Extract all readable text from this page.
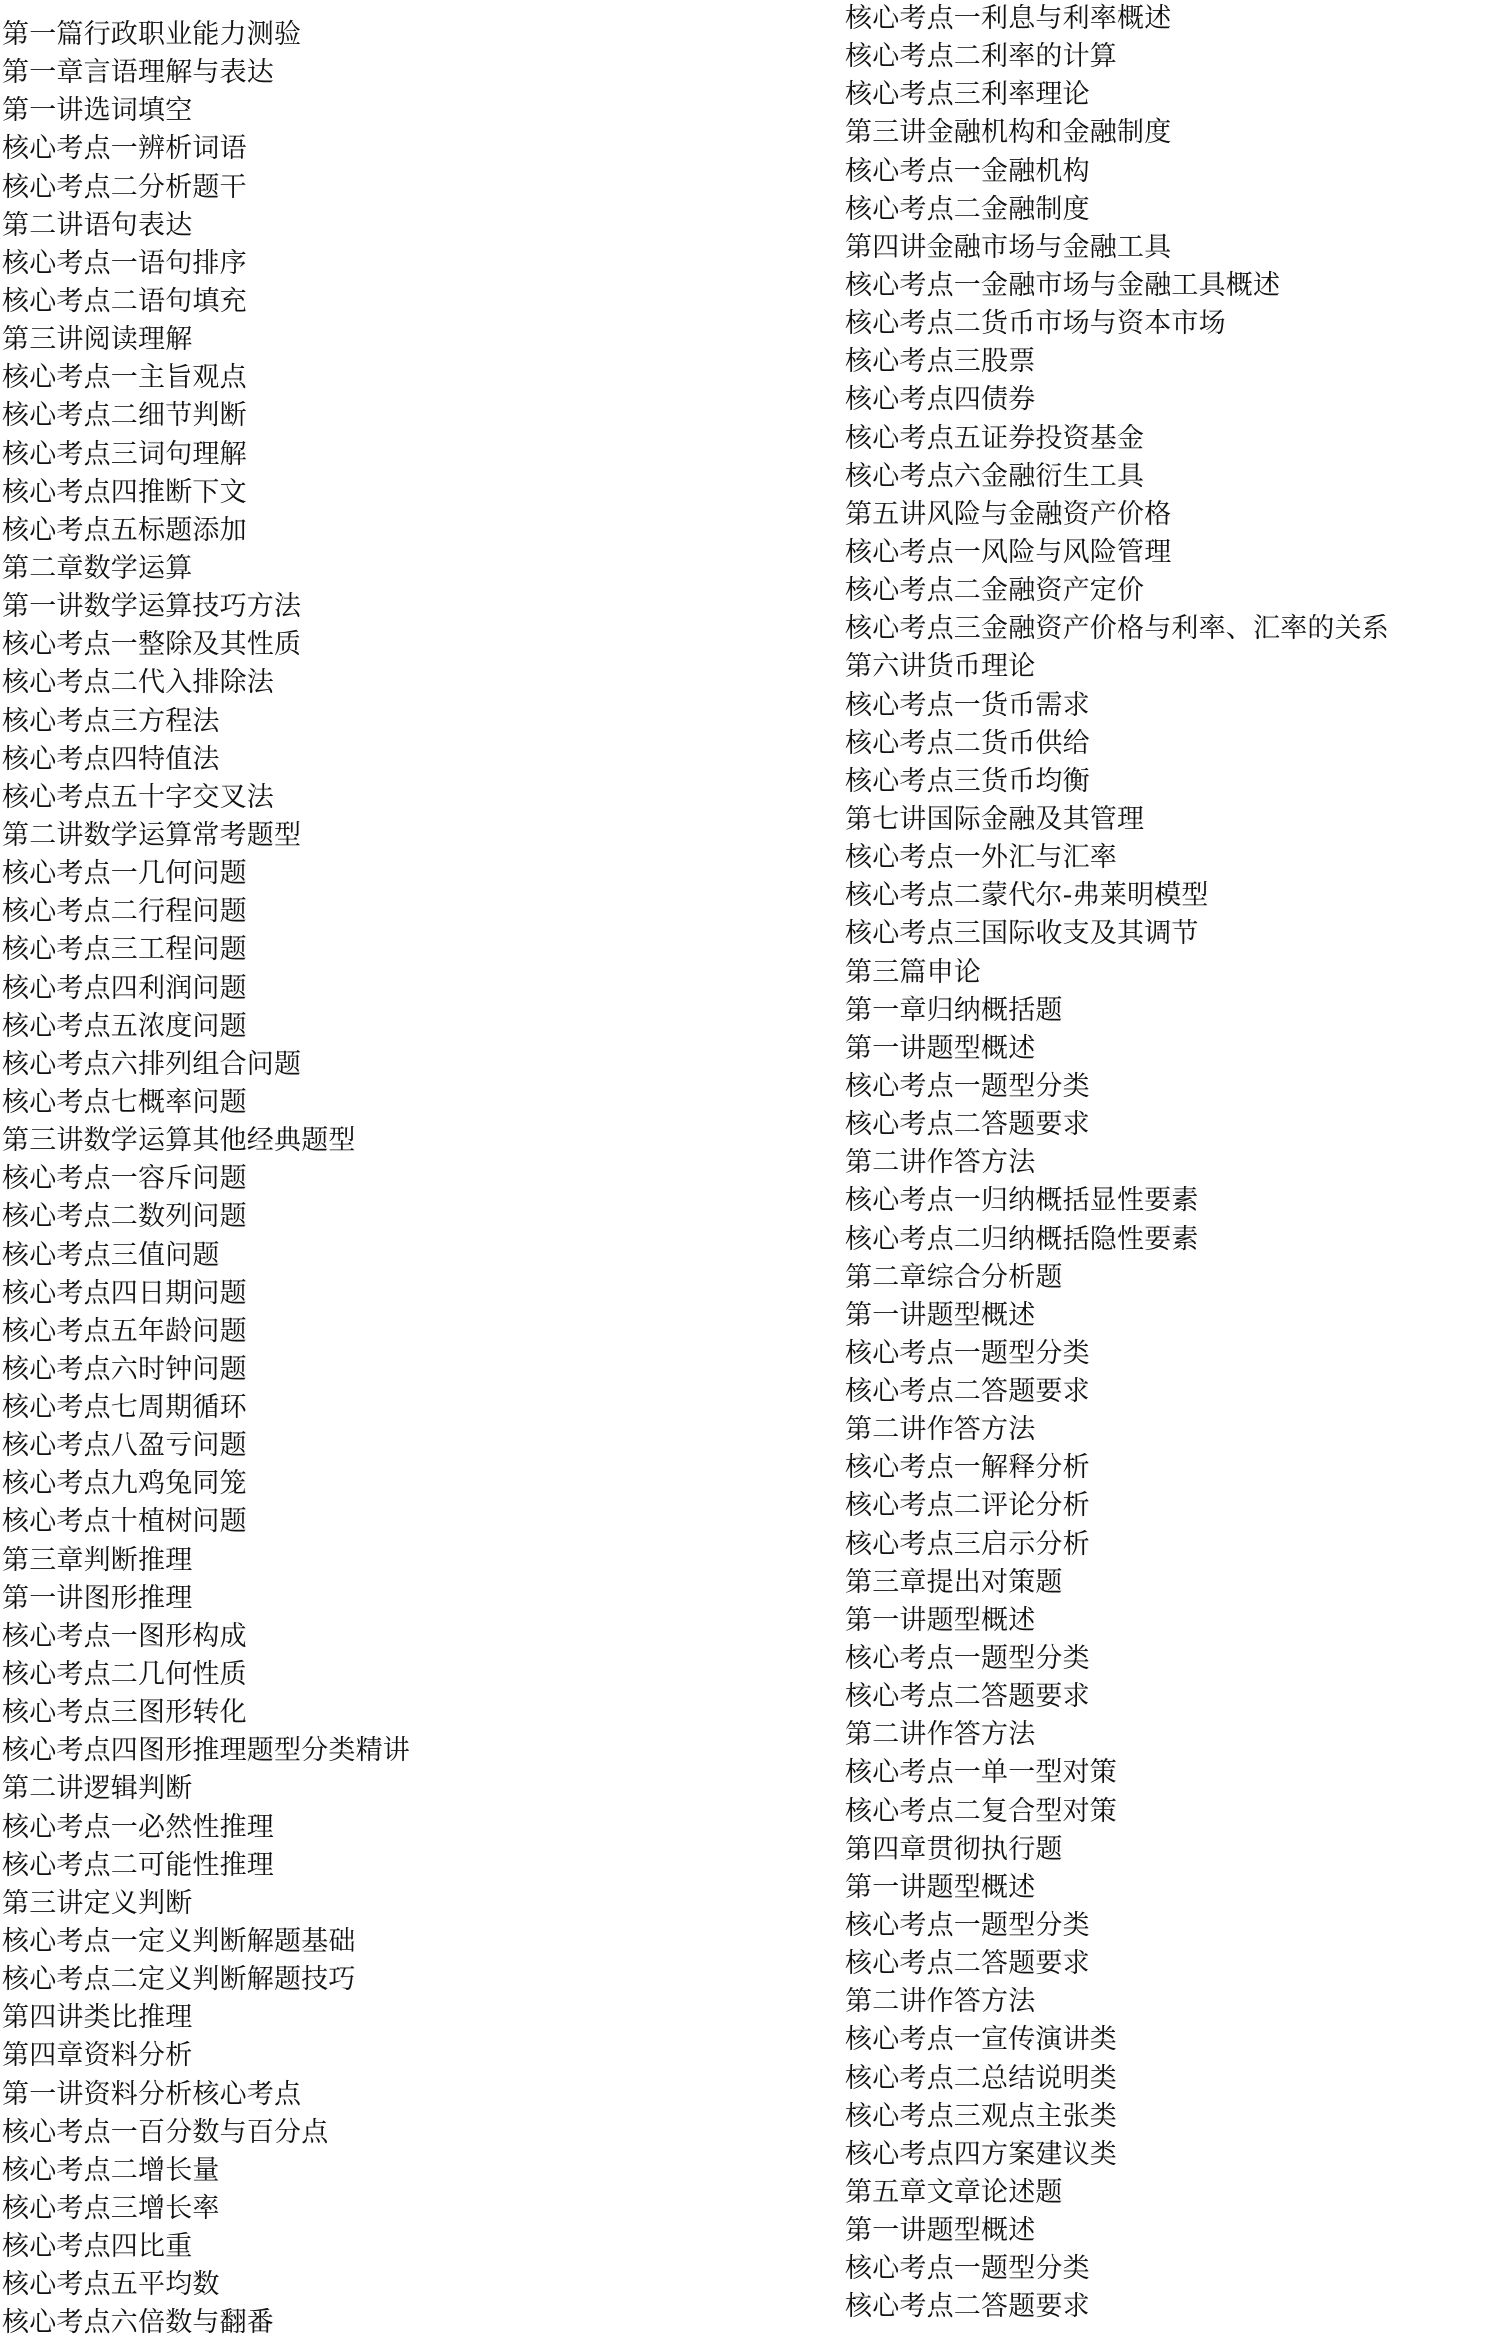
第一篇行政职业能力测验
第一章言语理解与表达
第一讲选词填空
核心考点一辨析词语
核心考点二分析题干
第二讲语句表达
核心考点一语句排序
核心考点二语句填充
第三讲阅读理解
核心考点一主旨观点
核心考点二细节判断
核心考点三词句理解
核心考点四推断下文
核心考点五标题添加
第二章数学运算
第一讲数学运算技巧方法
核心考点一整除及其性质
核心考点二代入排除法
核心考点三方程法
核心考点四特值法
核心考点五十字交叉法
第二讲数学运算常考题型
核心考点一几何问题
核心考点二行程问题
核心考点三工程问题
核心考点四利润问题
核心考点五浓度问题
核心考点六排列组合问题
核心考点七概率问题
第三讲数学运算其他经典题型
核心考点一容斥问题
核心考点二数列问题
核心考点三值问题
核心考点四日期问题
核心考点五年龄问题
核心考点六时钟问题
核心考点七周期循环
核心考点八盈亏问题
核心考点九鸡兔同笼
核心考点十植树问题
第三章判断推理
第一讲图形推理
核心考点一图形构成
核心考点二几何性质
核心考点三图形转化
核心考点四图形推理题型分类精讲
第二讲逻辑判断
核心考点一必然性推理
核心考点二可能性推理
第三讲定义判断
核心考点一定义判断解题基础
核心考点二定义判断解题技巧
第四讲类比推理
第四章资料分析
第一讲资料分析核心考点
核心考点一百分数与百分点
核心考点二增长量
核心考点三增长率
核心考点四比重
核心考点五平均数
核心考点六倍数与翻番
核心考点一利息与利率概述
核心考点二利率的计算
核心考点三利率理论
第三讲金融机构和金融制度
核心考点一金融机构
核心考点二金融制度
第四讲金融市场与金融工具
核心考点一金融市场与金融工具概述
核心考点二货币市场与资本市场
核心考点三股票
核心考点四债券
核心考点五证券投资基金
核心考点六金融衍生工具
第五讲风险与金融资产价格
核心考点一风险与风险管理
核心考点二金融资产定价
核心考点三金融资产价格与利率、汇率的关系
第六讲货币理论
核心考点一货币需求
核心考点二货币供给
核心考点三货币均衡
第七讲国际金融及其管理
核心考点一外汇与汇率
核心考点二蒙代尔-弗莱明模型
核心考点三国际收支及其调节
第三篇申论
第一章归纳概括题
第一讲题型概述
核心考点一题型分类
核心考点二答题要求
第二讲作答方法
核心考点一归纳概括显性要素
核心考点二归纳概括隐性要素
第二章综合分析题
第一讲题型概述
核心考点一题型分类
核心考点二答题要求
第二讲作答方法
核心考点一解释分析
核心考点二评论分析
核心考点三启示分析
第三章提出对策题
第一讲题型概述
核心考点一题型分类
核心考点二答题要求
第二讲作答方法
核心考点一单一型对策
核心考点二复合型对策
第四章贯彻执行题
第一讲题型概述
核心考点一题型分类
核心考点二答题要求
第二讲作答方法
核心考点一宣传演讲类
核心考点二总结说明类
核心考点三观点主张类
核心考点四方案建议类
第五章文章论述题
第一讲题型概述
核心考点一题型分类
核心考点二答题要求
